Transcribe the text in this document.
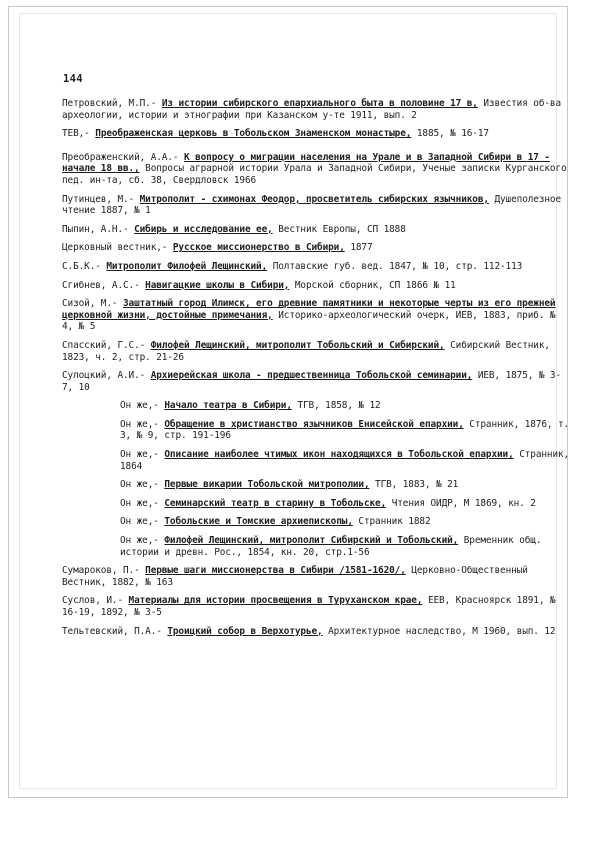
144
Петровский, М.П.- Из истории сибирского епархиального быта в половине 17 в, Известия об-ва археологии, истории и этнографии при Казанском у-те 1911, вып. 2
ТЕВ,- Преображенская церковь в Тобольском Знаменском монастыре, 1885, № 16-17
Преображенский, А.А.- К вопросу о миграции населения на Урале и в Западной Сибири в 17 - начале 18 вв., Вопросы аграрной истории Урала и Западной Сибири, Ученые записки Курганского пед. ин-та, сб. 38, Свердловск 1966
Путинцев, М.- Митрополит - схимонах Феодор, просветитель сибирских язычников, Душеполезное чтение 1887, № 1
Пыпин, А.Н.- Сибирь и исследование ее, Вестник Европы, СП 1888
Церковный вестник,- Русское миссионерство в Сибири, 1877
С.Б.К.- Митрополит Филофей Лещинский, Полтавские губ. вед. 1847, № 10, стр. 112-113
Сгибнев, А.С.- Навигацкие школы в Сибири, Морской сборник, СП 1866 № 11
Сизой, М.- Заштатный город Илимск, его древние памятники и некоторые черты из его прежней церковной жизни, достойные примечания, Историко-археологический очерк, ИЕВ, 1883, приб. № 4, № 5
Спасский, Г.С.- Филофей Лещинский, митрополит Тобольский и Сибирский, Сибирский Вестник, 1823, ч. 2, стр. 21-26
Сулоцкий, А.И.- Архиерейская школа - предшественница Тобольской семинарии, ИЕВ, 1875, № 3-7, 10
Он же,- Начало театра в Сибири, ТГВ, 1858, № 12
Он же,- Обращение в христианство язычников Енисейской епархии, Странник, 1876, т. 3, № 9, стр. 191-196
Он же,- Описание наиболее чтимых икон находящихся в Тобольской епархии, Странник, 1864
Он же,- Первые викарии Тобольской митрополии, ТГВ, 1883, № 21
Он же,- Семинарский театр в старину в Тобольске, Чтения ОИДР, М 1869, кн. 2
Он же,- Тобольские и Томские архиепископы, Странник 1882
Он же,- Филофей Лещинский, митрополит Сибирский и Тобольский, Временник общ. истории и древн. Рос., 1854, кн. 20, стр.1-56
Сумароков, П.- Первые шаги миссионерства в Сибири /1581-1620/, Церковно-Общественный Вестник, 1882, № 163
Суслов, И.- Материалы для истории просвещения в Туруханском крае, ЕЕВ, Красноярск 1891, № 16-19, 1892, № 3-5
Тельтевский, П.А.- Троицкий собор в Верхотурье, Архитектурное наследство, М 1960, вып. 12
